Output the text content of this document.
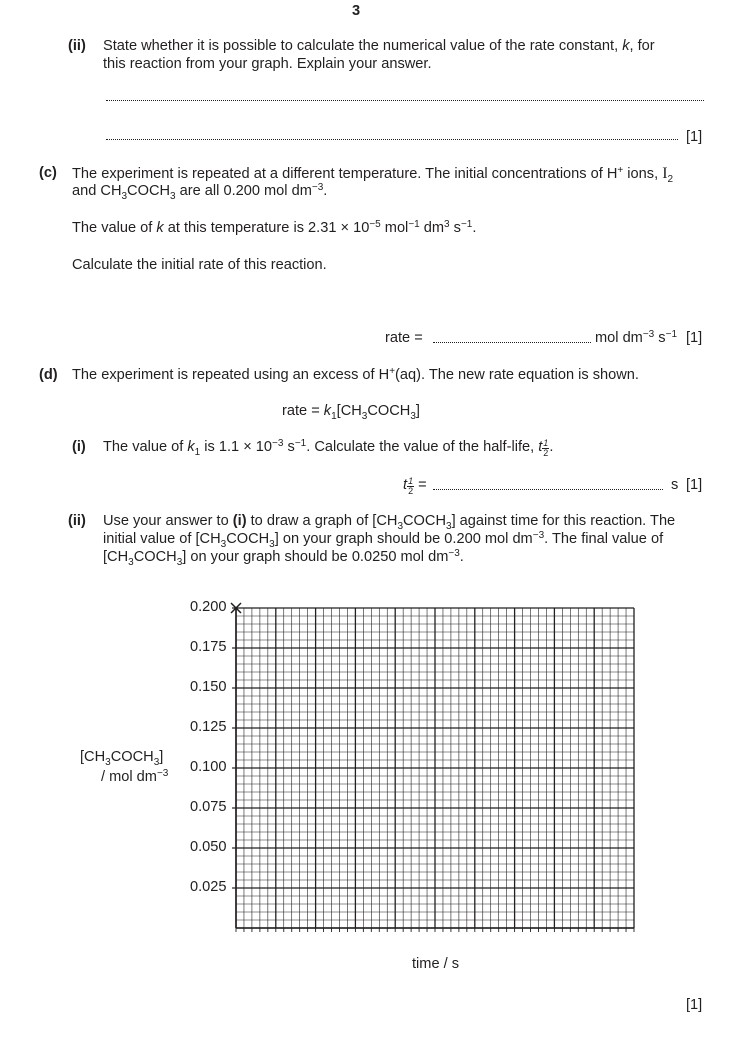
3
(ii) State whether it is possible to calculate the numerical value of the rate constant, k, for
this reaction from your graph. Explain your answer.
[1]
(c) The experiment is repeated at a different temperature. The initial concentrations of H+ ions, $I_2$
and $CH_3COCH_3$ are all 0.200 mol $dm^{-3}$.
The value of k at this temperature is $2.31 \times 10^{-5}$ mol$^{-1}$ $dm^3$ $s^{-1}$.
Calculate the initial rate of this reaction.
rate =	mol $dm^{-3}$ $s^{-1}$ [1]
(d) The experiment is repeated using an excess of H+(aq). The new rate equation is shown.
rate = $k_1[CH_3COCH_3]$
(i) The value of $k_1$ is $1.1 \times 10^{-3}$ $s^{-1}$. Calculate the value of the half-life, t $\frac{1}{2}$ .
t $\frac{1}{2}$ =	s [1]
(ii) Use your answer to (i) to draw a graph of $[CH_3COCH_3]$ against time for this reaction. The
initial value of $[CH_3COCH_3]$ on your graph should be 0.200 mol $dm^{-3}$. The final value of
$[CH_3COCH_3]$ on your graph should be 0.0250 mol $dm^{-3}$.
0.200
0.175
0.150
0.125
0.100
0.075
0.050
0.025
$[CH_3COCH_3]$
/ mol $dm^{-3}$
time / s
[1]
